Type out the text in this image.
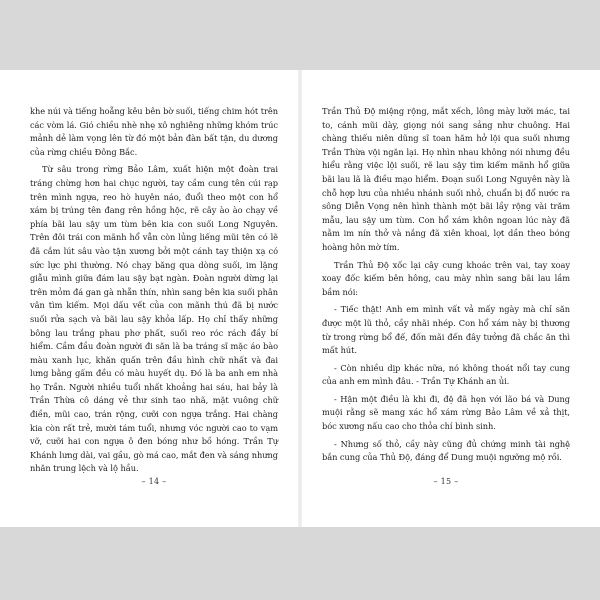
khe núi và tiếng hoẵng kêu bên bờ suối, tiếng chim hót trên các vòm lá. Gió chiều nhè nhẹ xô nghiêng những khóm trúc mảnh dẻ làm vọng lên từ đó một bản đàn bất tận, du dương của rừng chiều Đông Bắc.

Từ sâu trong rừng Bảo Lâm, xuất hiện một đoàn trai tráng chừng hơn hai chục người, tay cầm cung tên cúi rạp trên mình ngựa, reo hò huyên náo, đuổi theo một con hổ xám bị trúng tên đang rên hồng hộc, rẽ cây ào ào chạy về phía bãi lau sậy um tùm bên kia con suối Long Nguyên. Trên đôi trái con mãnh hổ vẫn còn lủng liếng mũi tên có lẽ đã cắm lút sâu vào tận xương bởi một cánh tay thiện xạ có sức lực phi thường. Nó chạy băng qua dòng suối, im lặng giẫu mình giữa đám lau sậy bạt ngàn. Đoàn người dừng lại trên mỏm đá gan gà nhẵn thín, nhìn sang bên kia suối phân vân tìm kiếm. Mọi dấu vết của con mãnh thú đã bị nước suối rửa sạch và bãi lau sậy khỏa lấp. Họ chỉ thấy những bông lau trắng phau phơ phất, suối reo róc rách đầy bí hiểm. Cầm đầu đoàn người đi săn là ba tráng sĩ mặc áo bào màu xanh lục, khăn quấn trên đầu hình chữ nhất và đai lưng bằng gấm đều có màu huyết dụ. Đó là ba anh em nhà họ Trần. Người nhiều tuổi nhất khoảng hai sáu, hai bảy là Trần Thừa cô dáng vẻ thư sinh tao nhã, mặt vuông chữ điền, mũi cao, trán rộng, cưỡi con ngựa trắng. Hai chàng kia còn rất trẻ, mười tám tuổi, nhưng vóc người cao to vạm vỡ, cưỡi hai con ngựa ô đen bóng như bồ hóng. Trần Tự Khánh lưng dài, vai gầu, gò má cao, mắt đen và sáng nhưng nhăn trung lệch và lộ hầu.

– 14 –

Trần Thủ Độ miệng rộng, mắt xếch, lông mày lưỡi mác, tai to, cánh mũi dày, giọng nói sang sảng như chuông. Hai chàng thiếu niên dũng sĩ toan hăm hở lội qua suối nhưng Trần Thừa vội ngăn lại. Họ nhìn nhau không nói nhưng đều hiểu rằng việc lội suối, rẽ lau sậy tìm kiếm mãnh hổ giữa bãi lau lã là điều mạo hiểm. Đoạn suối Long Nguyên này là chỗ hợp lưu của nhiều nhánh suối nhỏ, chuẩn bị đổ nước ra sông Diễn Vọng nên hình thành một bãi lầy rộng vài trăm mẫu, lau sậy um tùm. Con hổ xám khôn ngoan lúc này đã nằm im nín thở và nắng đã xiên khoai, lợt dần theo bóng hoàng hôn mờ tím.

Trần Thủ Độ xốc lại cây cung khoác trên vai, tay xoay xoay đốc kiếm bên hông, cau mày nhìn sang bãi lau lầm bầm nói:

- Tiếc thật! Anh em mình vất vả mấy ngày mà chỉ săn được một lũ thỏ, cầy nhãi nhép. Con hổ xám này bị thương từ trong rừng bổ đế, đốn mãi đến đây tưởng đã chắc ăn thì mất hút.

- Còn nhiều dịp khác nữa, nó không thoát nổi tay cung của anh em mình đâu. - Trần Tự Khánh an ủi.

- Hận một điều là khi đi, đệ đã hẹn với lão bá và Dung muội rằng sẽ mang xác hổ xám rừng Bảo Lâm về xả thịt, bóc xương nấu cao cho thỏa chí bình sinh.

- Nhưng số thỏ, cầy này cũng đủ chứng minh tài nghệ bắn cung của Thủ Độ, đáng để Dung muội ngưỡng mộ rồi.

– 15 –
